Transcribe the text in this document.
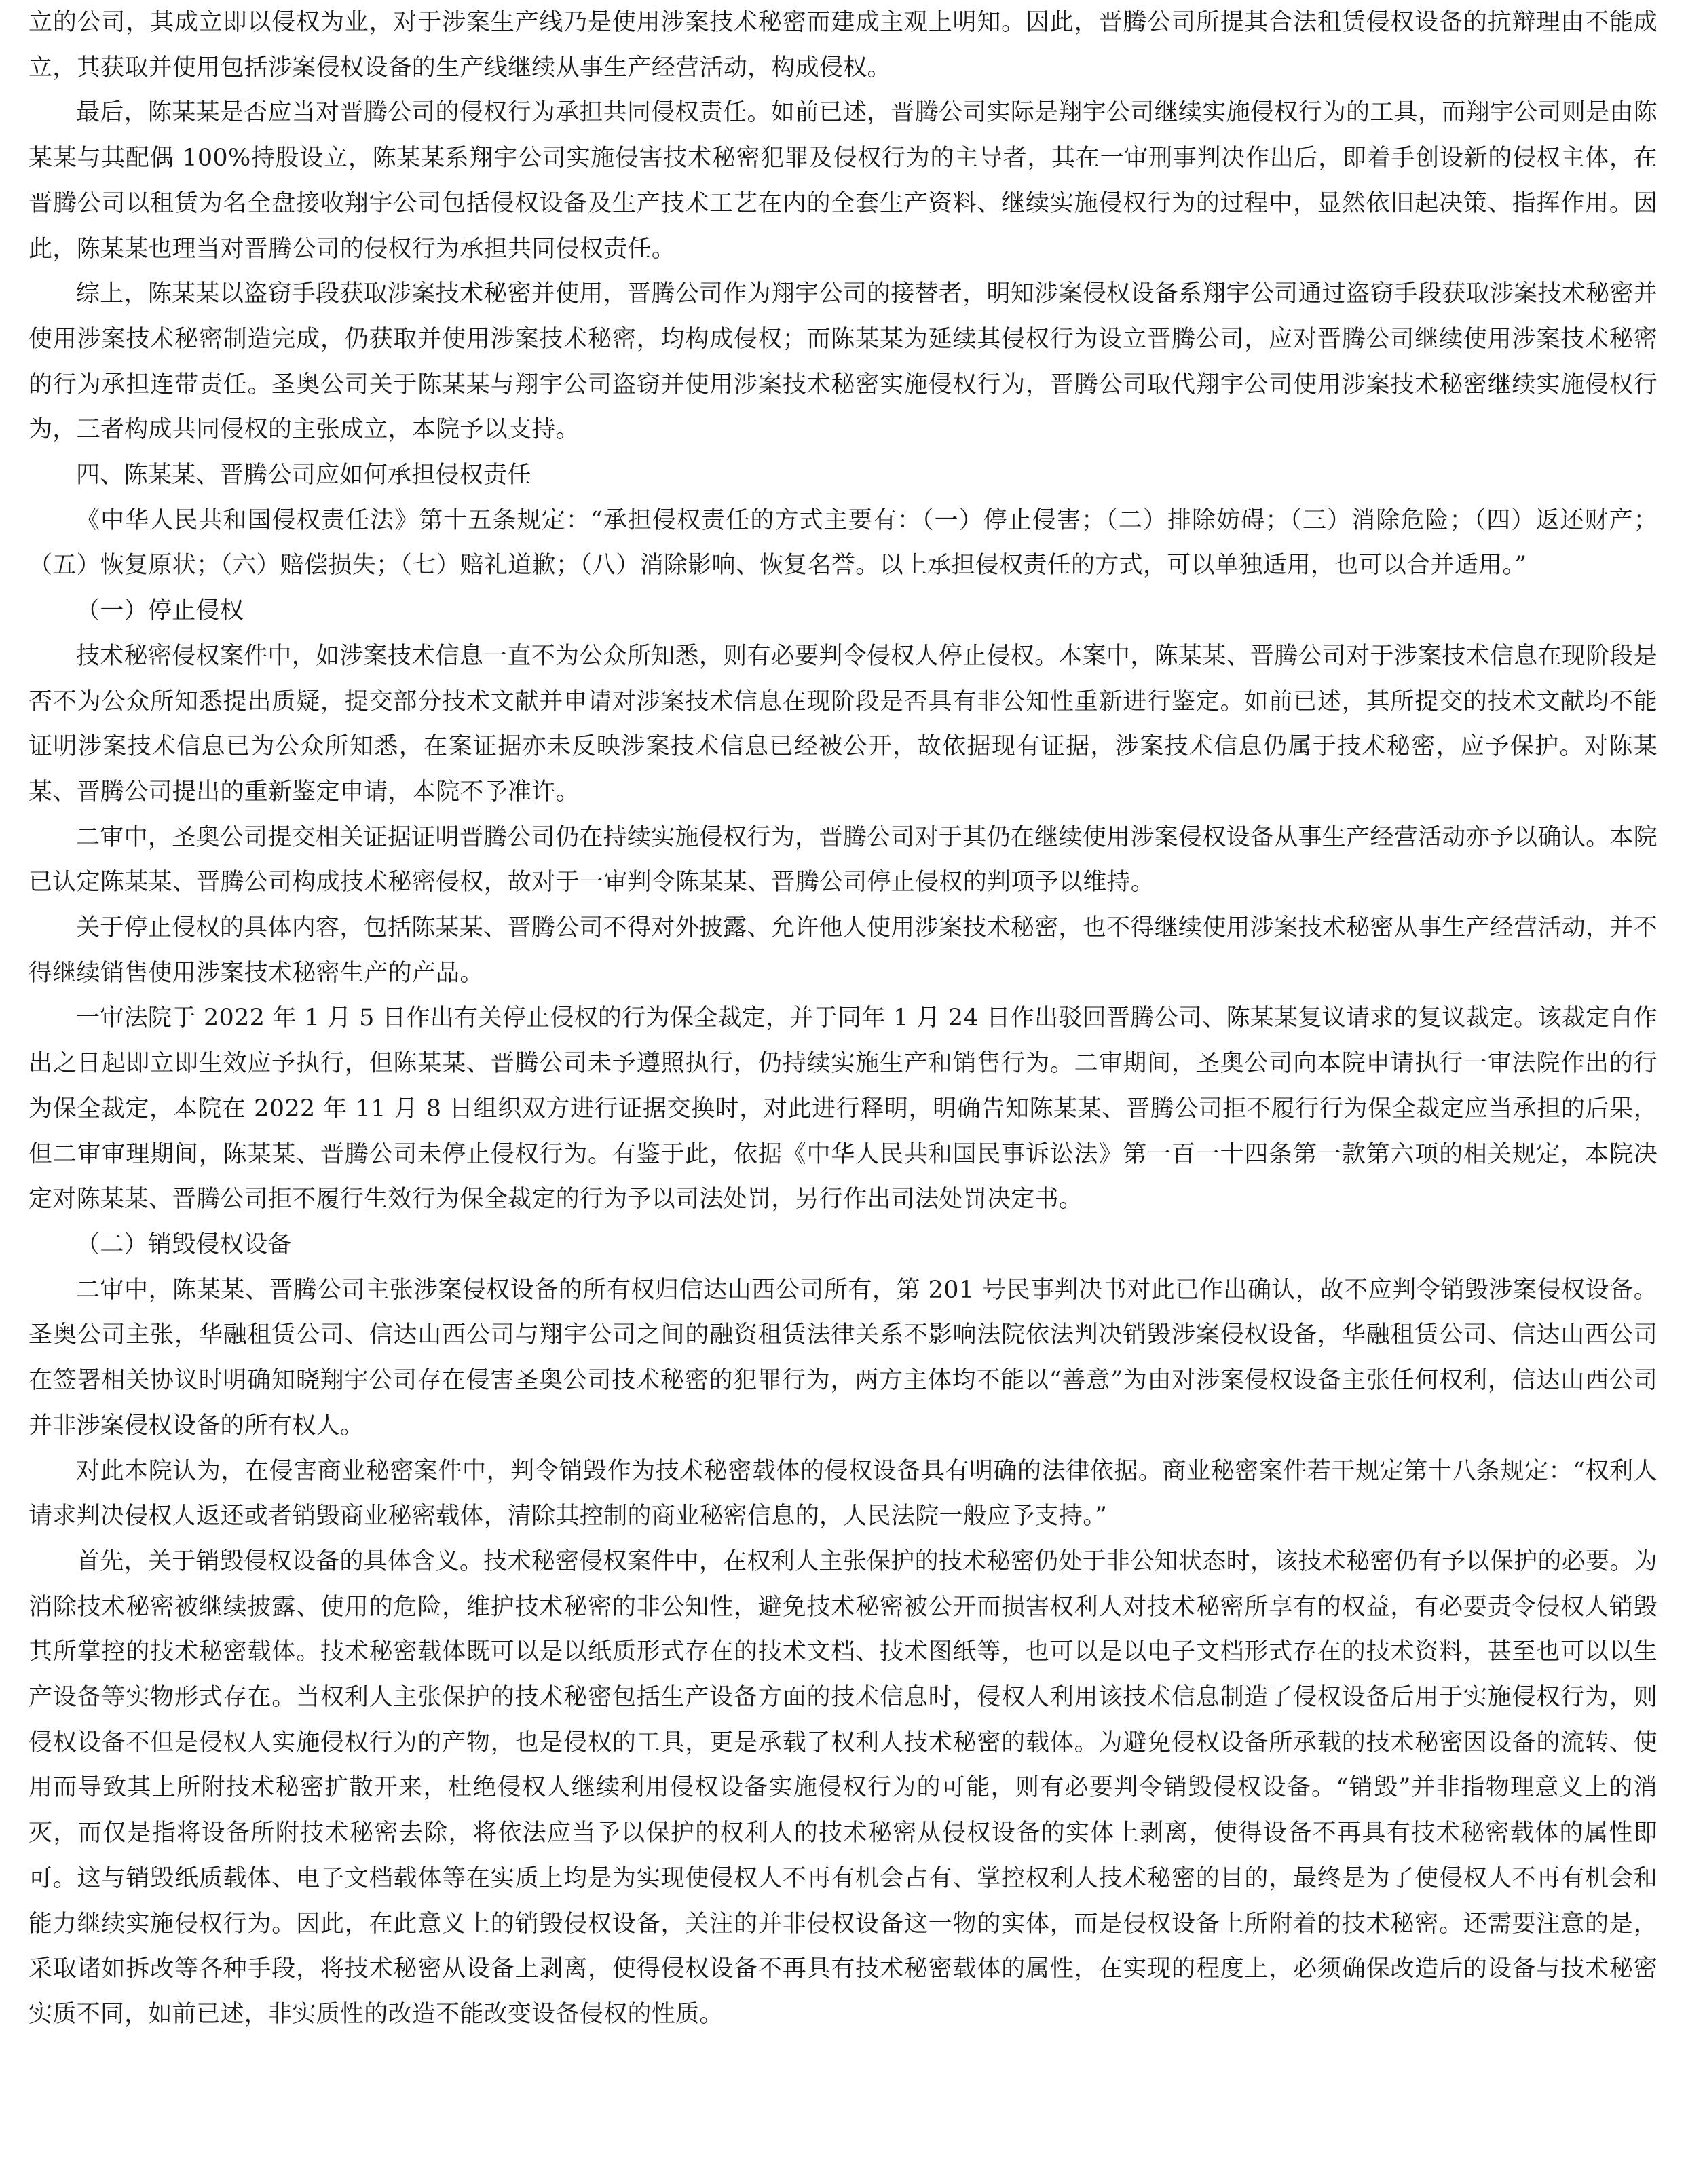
立的公司，其成立即以侵权为业，对于涉案生产线乃是使用涉案技术秘密而建成主观上明知。因此，晋腾公司所提其合法租赁侵权设备的抗辩理由不能成立，其获取并使用包括涉案侵权设备的生产线继续从事生产经营活动，构成侵权。

最后，陈某某是否应当对晋腾公司的侵权行为承担共同侵权责任。如前已述，晋腾公司实际是翔宇公司继续实施侵权行为的工具，而翔宇公司则是由陈某某与其配偶 100%持股设立，陈某某系翔宇公司实施侵害技术秘密犯罪及侵权行为的主导者，其在一审刑事判决作出后，即着手创设新的侵权主体，在晋腾公司以租赁为名全盘接收翔宇公司包括侵权设备及生产技术工艺在内的全套生产资料、继续实施侵权行为的过程中，显然依旧起决策、指挥作用。因此，陈某某也理当对晋腾公司的侵权行为承担共同侵权责任。

综上，陈某某以盗窃手段获取涉案技术秘密并使用，晋腾公司作为翔宇公司的接替者，明知涉案侵权设备系翔宇公司通过盗窃手段获取涉案技术秘密并使用涉案技术秘密制造完成，仍获取并使用涉案技术秘密，均构成侵权；而陈某某为延续其侵权行为设立晋腾公司，应对晋腾公司继续使用涉案技术秘密的行为承担连带责任。圣奥公司关于陈某某与翔宇公司盗窃并使用涉案技术秘密实施侵权行为，晋腾公司取代翔宇公司使用涉案技术秘密继续实施侵权行为，三者构成共同侵权的主张成立，本院予以支持。

四、陈某某、晋腾公司应如何承担侵权责任

《中华人民共和国侵权责任法》第十五条规定：“承担侵权责任的方式主要有：（一）停止侵害；（二）排除妨碍；（三）消除危险；（四）返还财产；（五）恢复原状；（六）赔偿损失；（七）赔礼道歉；（八）消除影响、恢复名誉。以上承担侵权责任的方式，可以单独适用，也可以合并适用。”

（一）停止侵权

技术秘密侵权案件中，如涉案技术信息一直不为公众所知悉，则有必要判令侵权人停止侵权。本案中，陈某某、晋腾公司对于涉案技术信息在现阶段是否不为公众所知悉提出质疑，提交部分技术文献并申请对涉案技术信息在现阶段是否具有非公知性重新进行鉴定。如前已述，其所提交的技术文献均不能证明涉案技术信息已为公众所知悉，在案证据亦未反映涉案技术信息已经被公开，故依据现有证据，涉案技术信息仍属于技术秘密，应予保护。对陈某某、晋腾公司提出的重新鉴定申请，本院不予准许。

二审中，圣奥公司提交相关证据证明晋腾公司仍在持续实施侵权行为，晋腾公司对于其仍在继续使用涉案侵权设备从事生产经营活动亦予以确认。本院已认定陈某某、晋腾公司构成技术秘密侵权，故对于一审判令陈某某、晋腾公司停止侵权的判项予以维持。

关于停止侵权的具体内容，包括陈某某、晋腾公司不得对外披露、允许他人使用涉案技术秘密，也不得继续使用涉案技术秘密从事生产经营活动，并不得继续销售使用涉案技术秘密生产的产品。

一审法院于 2022 年 1 月 5 日作出有关停止侵权的行为保全裁定，并于同年 1 月 24 日作出驳回晋腾公司、陈某某复议请求的复议裁定。该裁定自作出之日起即立即生效应予执行，但陈某某、晋腾公司未予遵照执行，仍持续实施生产和销售行为。二审期间，圣奥公司向本院申请执行一审法院作出的行为保全裁定，本院在 2022 年 11 月 8 日组织双方进行证据交换时，对此进行释明，明确告知陈某某、晋腾公司拒不履行行为保全裁定应当承担的后果，但二审审理期间，陈某某、晋腾公司未停止侵权行为。有鉴于此，依据《中华人民共和国民事诉讼法》第一百一十四条第一款第六项的相关规定，本院决定对陈某某、晋腾公司拒不履行生效行为保全裁定的行为予以司法处罚，另行作出司法处罚决定书。

（二）销毁侵权设备

二审中，陈某某、晋腾公司主张涉案侵权设备的所有权归信达山西公司所有，第 201 号民事判决书对此已作出确认，故不应判令销毁涉案侵权设备。圣奥公司主张，华融租赁公司、信达山西公司与翔宇公司之间的融资租赁法律关系不影响法院依法判决销毁涉案侵权设备，华融租赁公司、信达山西公司在签署相关协议时明确知晓翔宇公司存在侵害圣奥公司技术秘密的犯罪行为，两方主体均不能以“善意”为由对涉案侵权设备主张任何权利，信达山西公司并非涉案侵权设备的所有权人。

对此本院认为，在侵害商业秘密案件中，判令销毁作为技术秘密载体的侵权设备具有明确的法律依据。商业秘密案件若干规定第十八条规定：“权利人请求判决侵权人返还或者销毁商业秘密载体，清除其控制的商业秘密信息的，人民法院一般应予支持。”

首先，关于销毁侵权设备的具体含义。技术秘密侵权案件中，在权利人主张保护的技术秘密仍处于非公知状态时，该技术秘密仍有予以保护的必要。为消除技术秘密被继续披露、使用的危险，维护技术秘密的非公知性，避免技术秘密被公开而损害权利人对技术秘密所享有的权益，有必要责令侵权人销毁其所掌控的技术秘密载体。技术秘密载体既可以是以纸质形式存在的技术文档、技术图纸等，也可以是以电子文档形式存在的技术资料，甚至也可以以生产设备等实物形式存在。当权利人主张保护的技术秘密包括生产设备方面的技术信息时，侵权人利用该技术信息制造了侵权设备后用于实施侵权行为，则侵权设备不但是侵权人实施侵权行为的产物，也是侵权的工具，更是承载了权利人技术秘密的载体。为避免侵权设备所承载的技术秘密因设备的流转、使用而导致其上所附技术秘密扩散开来，杜绝侵权人继续利用侵权设备实施侵权行为的可能，则有必要判令销毁侵权设备。“销毁”并非指物理意义上的消灭，而仅是指将设备所附技术秘密去除，将依法应当予以保护的权利人的技术秘密从侵权设备的实体上剥离，使得设备不再具有技术秘密载体的属性即可。这与销毁纸质载体、电子文档载体等在实质上均是为实现使侵权人不再有机会占有、掌控权利人技术秘密的目的，最终是为了使侵权人不再有机会和能力继续实施侵权行为。因此，在此意义上的销毁侵权设备，关注的并非侵权设备这一物的实体，而是侵权设备上所附着的技术秘密。还需要注意的是，采取诸如拆改等各种手段，将技术秘密从设备上剥离，使得侵权设备不再具有技术秘密载体的属性，在实现的程度上，必须确保改造后的设备与技术秘密实质不同，如前已述，非实质性的改造不能改变设备侵权的性质。
